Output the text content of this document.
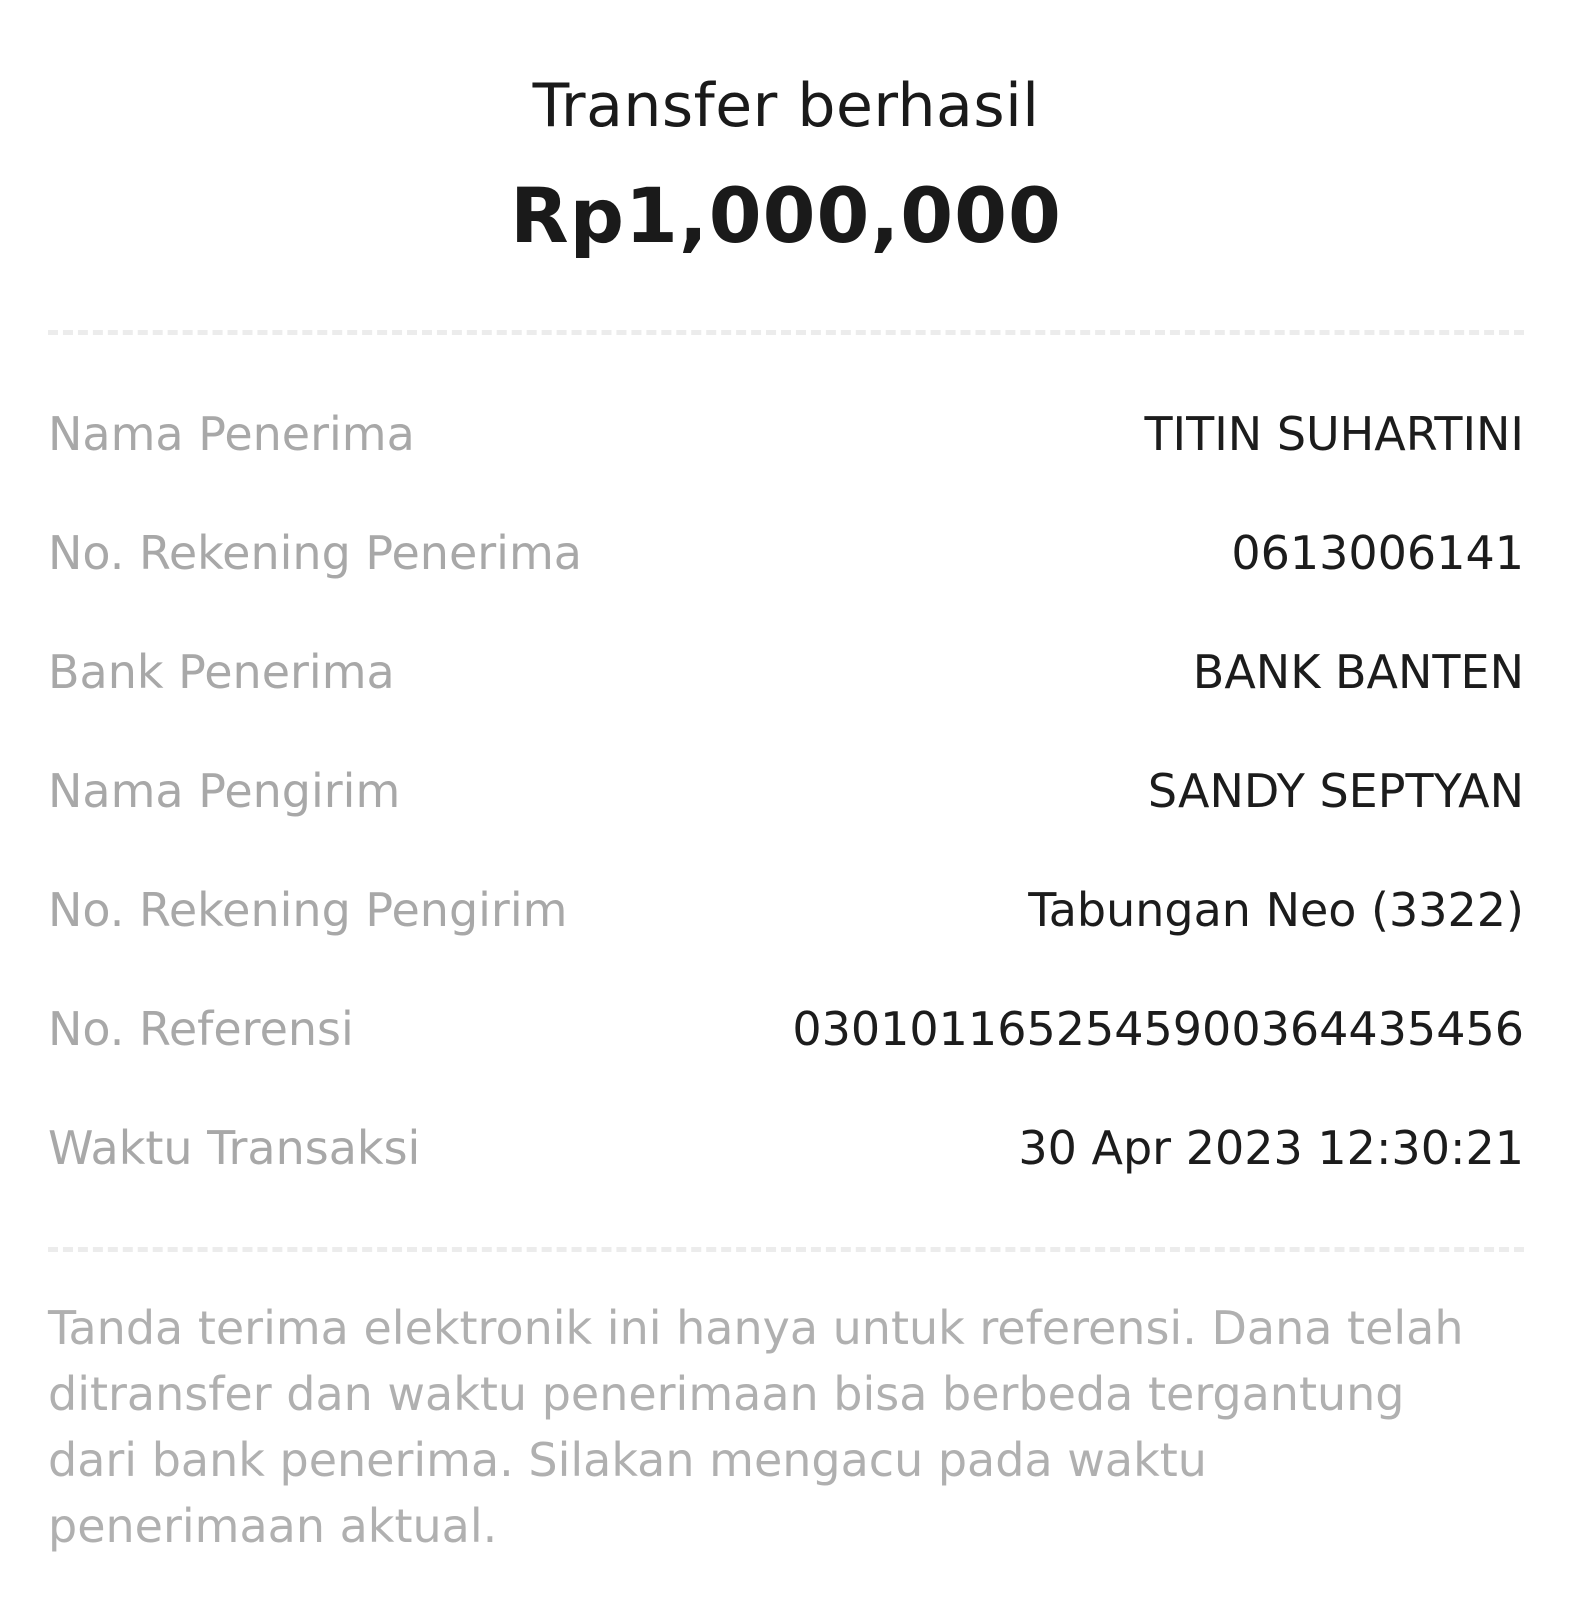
Transfer berhasil
Rp1,000,000
Nama Penerima	TITIN SUHARTINI
No. Rekening Penerima	0613006141
Bank Penerima	BANK BANTEN
Nama Pengirim	SANDY SEPTYAN
No. Rekening Pengirim	Tabungan Neo (3322)
No. Referensi	03010116525459003644354​56
Waktu Transaksi	30 Apr 2023 12:30:21
Tanda terima elektronik ini hanya untuk referensi. Dana telah ditransfer dan waktu penerimaan bisa berbeda tergantung dari bank penerima. Silakan mengacu pada waktu penerimaan aktual.
